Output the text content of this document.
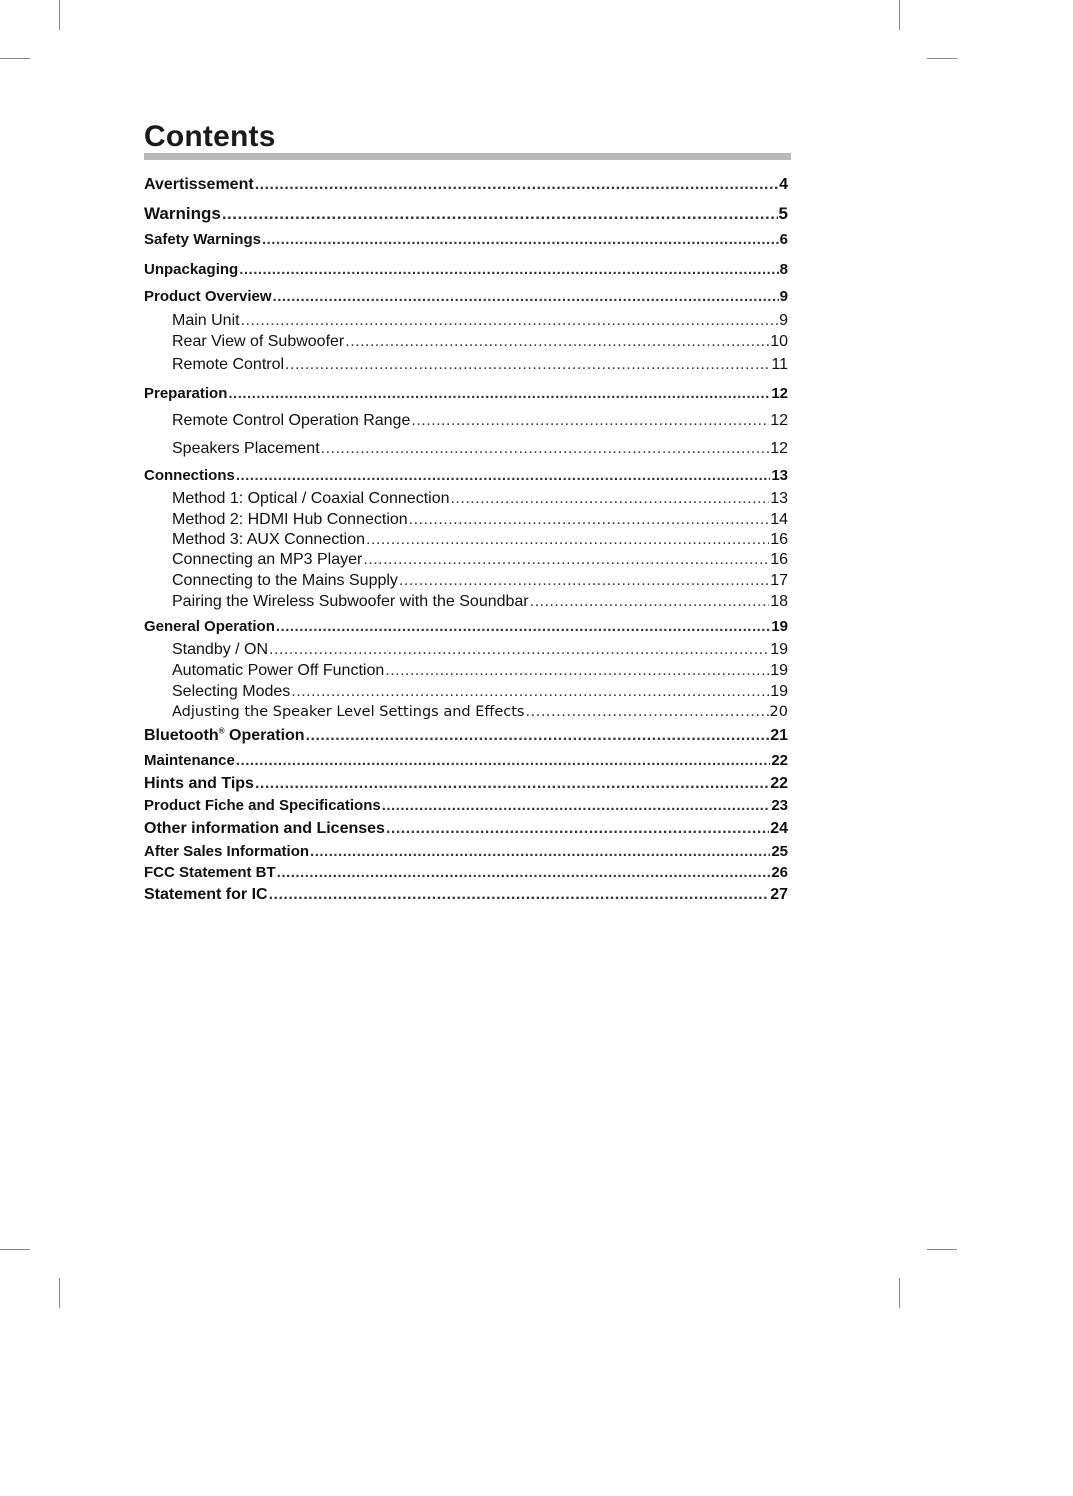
Contents
Avertissement .....	4
Warnings .....	5
Safety Warnings .....	6
Unpackaging .....	8
Product Overview .....	9
Main Unit .....	9
Rear View of Subwoofer .....	10
Remote Control .....	11
Preparation .....	12
Remote Control Operation Range .....	12
Speakers Placement .....	12
Connections .....	13
Method 1: Optical / Coaxial Connection .....	13
Method 2: HDMI Hub Connection .....	14
Method 3: AUX Connection .....	16
Connecting an MP3 Player .....	16
Connecting to the Mains Supply .....	17
Pairing the Wireless Subwoofer with the Soundbar .....	18
General Operation .....	19
Standby / ON .....	19
Automatic Power Off Function .....	19
Selecting Modes .....	19
Adjusting the Speaker Level Settings and Effects .....	20
Bluetooth® Operation .....	21
Maintenance .....	22
Hints and Tips .....	22
Product Fiche and Specifications .....	23
Other information and Licenses .....	24
After Sales Information .....	25
FCC Statement BT .....	26
Statement for IC .....	27
